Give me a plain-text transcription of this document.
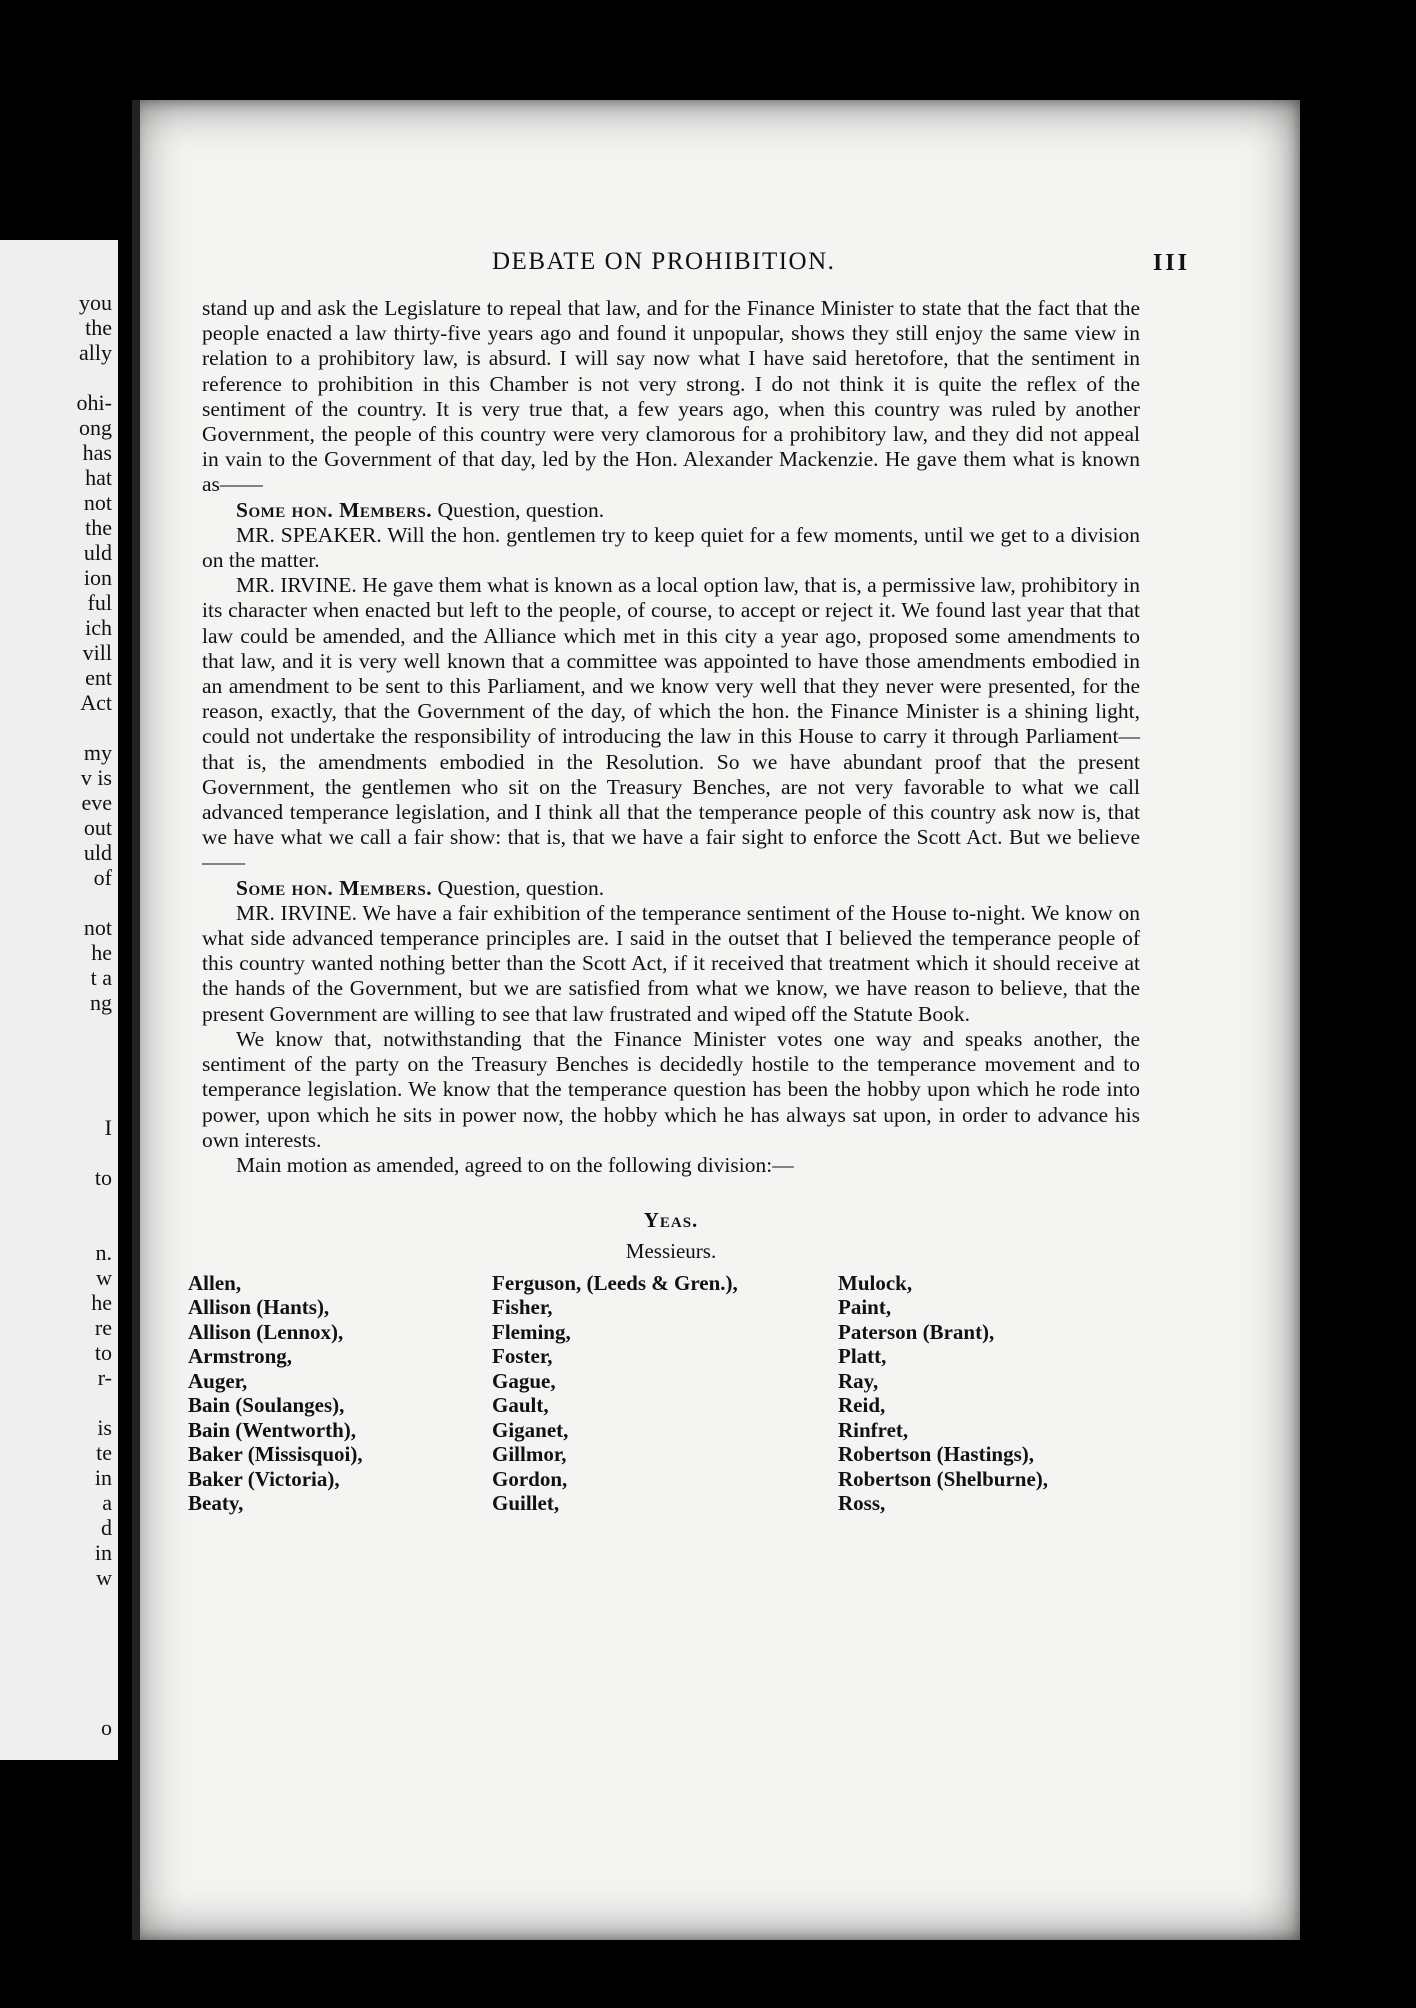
you
the
ally

ohi-
ong
has
hat
not
the
uld
ion
ful
ich
vill
ent
Act

my
v is
eve
out
uld
of

not
he
t a
ng

I

to

n.
w
he
re
to
r-

is
te
in
a
d
in
w

o
DEBATE ON PROHIBITION.	III

stand up and ask the Legislature to repeal that law, and for the Finance Minister to state that the fact that the people enacted a law thirty-five years ago and found it unpopular, shows they still enjoy the same view in relation to a prohibitory law, is absurd. I will say now what I have said heretofore, that the sentiment in reference to prohibition in this Chamber is not very strong. I do not think it is quite the reflex of the sentiment of the country. It is very true that, a few years ago, when this country was ruled by another Government, the people of this country were very clamorous for a prohibitory law, and they did not appeal in vain to the Government of that day, led by the Hon. Alexander Mackenzie. He gave them what is known as——

Some hon. Members. Question, question.

MR. SPEAKER. Will the hon. gentlemen try to keep quiet for a few moments, until we get to a division on the matter.

MR. IRVINE. He gave them what is known as a local option law, that is, a permissive law, prohibitory in its character when enacted but left to the people, of course, to accept or reject it. We found last year that that law could be amended, and the Alliance which met in this city a year ago, proposed some amendments to that law, and it is very well known that a committee was appointed to have those amendments embodied in an amendment to be sent to this Parliament, and we know very well that they never were presented, for the reason, exactly, that the Government of the day, of which the hon. the Finance Minister is a shining light, could not undertake the responsibility of introducing the law in this House to carry it through Parliament—that is, the amendments embodied in the Resolution. So we have abundant proof that the present Government, the gentlemen who sit on the Treasury Benches, are not very favorable to what we call advanced temperance legislation, and I think all that the temperance people of this country ask now is, that we have what we call a fair show: that is, that we have a fair sight to enforce the Scott Act. But we believe——

Some hon. Members. Question, question.

MR. IRVINE. We have a fair exhibition of the temperance sentiment of the House to-night. We know on what side advanced temperance principles are. I said in the outset that I believed the temperance people of this country wanted nothing better than the Scott Act, if it received that treatment which it should receive at the hands of the Government, but we are satisfied from what we know, we have reason to believe, that the present Government are willing to see that law frustrated and wiped off the Statute Book.

We know that, notwithstanding that the Finance Minister votes one way and speaks another, the sentiment of the party on the Treasury Benches is decidedly hostile to the temperance movement and to temperance legislation. We know that the temperance question has been the hobby upon which he rode into power, upon which he sits in power now, the hobby which he has always sat upon, in order to advance his own interests.

Main motion as amended, agreed to on the following division:—

Yeas.
Messieurs.
Allen,
Allison (Hants),
Allison (Lennox),
Armstrong,
Auger,
Bain (Soulanges),
Bain (Wentworth),
Baker (Missisquoi),
Baker (Victoria),
Beaty,
Ferguson, (Leeds & Gren.),
Fisher,
Fleming,
Foster,
Gague,
Gault,
Giganet,
Gillmor,
Gordon,
Guillet,
Mulock,
Paint,
Paterson (Brant),
Platt,
Ray,
Reid,
Rinfret,
Robertson (Hastings),
Robertson (Shelburne),
Ross,
